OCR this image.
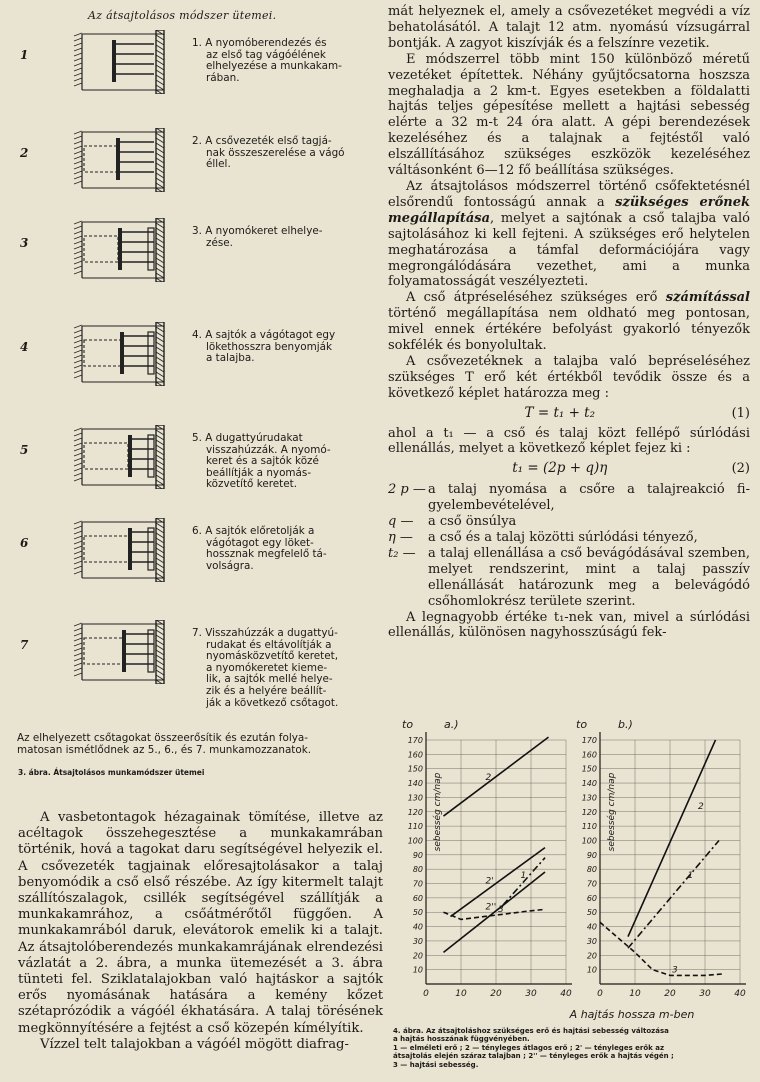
Az átsajtolásos módszer ütemei.
1
1. A nyomóberendezés és
az első tag vágóélének
elhelyezése a munkakam-
rában.
2
2. A csővezeték első tagjá-
nak összeszerelése a vágó
éllel.
3
3. A nyomókeret elhelye-
zése.
4
4. A sajtók a vágótagot egy
lökethosszra benyomják
a talajba.
5
5. A dugattyúrudakat
visszahúzzák. A nyomó-
keret és a sajtók közé
beállítják a nyomás-
közvetítő keretet.
6
6. A sajtók előretolják a
vágótagot egy löket-
hossznak megfelelő tá-
volságra.
7
7. Visszahúzzák a dugattyú-
rudakat és eltávolítják a
nyomásközvetítő keretet,
a nyomókeretet kieme-
lik, a sajtók mellé helye-
zik és a helyére beállít-
ják a következő csőtagot.
Az elhelyezett csőtagokat összeerősítik és ezután folya-
matosan ismétlődnek az 5., 6., és 7. munkamozzanatok.
3. ábra. Átsajtolásos munkamódszer ütemei

A vasbetontagok hézagainak tömítése, illetve az acéltagok összehegesztése a munkakamrában történik, hová a tagokat daru segítségével helyezik el. A csővezeték tagjainak előresajtolásakor a talaj benyomódik a cső első részébe. Az így kitermelt talajt szállítószalagok, csillék segítségével szállítják a munkakamrához, a csőátmérőtől függően. A munkakamrából daruk, elevátorok emelik ki a talajt. Az átsajtolóberendezés munkakamrájának elrendezési vázlatát a 2. ábra, a munka ütemezését a 3. ábra tünteti fel. Sziklatalajokban való hajtáskor a sajtók erős nyomásának hatására a kemény kőzet szétaprózódik a vágóél ékhatására. A talaj törésének megkönnyítésére a fejtést a cső közepén kímélyítik.

Vízzel telt talajokban a vágóél mögött diafrag-

mát helyeznek el, amely a csővezetéket megvédi a víz behatolásától. A talajt 12 atm. nyomású vízsugárral bontják. A zagyot kiszívják és a felszínre vezetik.

E módszerrel több mint 150 különböző méretű vezetéket építettek. Néhány gyűjtőcsatorna hoszsza meghaladja a 2 km-t. Egyes esetekben a földalatti hajtás teljes gépesítése mellett a hajtási sebesség elérte a 32 m-t 24 óra alatt. A gépi berendezések kezeléséhez és a talajnak a fejtéstől való elszállításához szükséges eszközök kezeléséhez váltásonként 6—12 fő beállítása szükséges.

Az átsajtolásos módszerrel történő csőfektetésnél elsőrendű fontosságú annak a szükséges erőnek megállapítása, melyet a sajtónak a cső talajba való sajtolásához ki kell fejteni. A szükséges erő helytelen meghatározása a támfal deformációjára vagy megrongálódására vezethet, ami a munka folyamatosságát veszélyezteti.

A cső átpréseléséhez szükséges erő számítással történő megállapítása nem oldható meg pontosan, mivel ennek értékére befolyást gyakorló tényezők sokfélék és bonyolultak.

A csővezetéknek a talajba való bepréseléséhez szükséges T erő két értékből tevődik össze és a következő képlet határozza meg :

T = t₁ + t₂	(1)

ahol a t₁ — a cső és talaj közt fellépő súrlódási ellenállás, melyet a következő képlet fejez ki :

t₁ = (2p + q)η	(2)
2 p — a talaj nyomása a csőre a talajreakció figyelembevételével,
q —	a cső önsúlya
η —	a cső és a talaj közötti súrlódási tényező,
t₂ — a talaj ellenállása a cső bevágódásával szemben, melyet rendszerint, mint a talaj passzív ellenállását határozunk meg a belevágódó csőhomlokrész területe szerint.

A legnagyobb értéke t₁-nek van, mivel a súrlódási ellenállás, különösen nagyhosszúságú fek-

10
20
30
40
50
60
70
80
90
100
110
120
130
140
150
160
170
0	10	20	30	40
to	a.)
sebesség cm/nap	2
2'
2''
1
3
10
20
30
40
50
60
70
80
90
100
110
120
130
140
150
160
170
0	10	20	30	40
to	b.)
sebesség cm/nap	2
1
3
A hajtás hossza m-ben
4. ábra. Az átsajtoláshoz szükséges erő és hajtási sebesség változása
a hajtás hosszának függvényében.
1 — elméleti erő ; 2 — tényleges átlagos erő ; 2' — tényleges erők az
átsajtolás elején száraz talajban ; 2'' — tényleges erők a hajtás végén ;
3 — hajtási sebesség.
